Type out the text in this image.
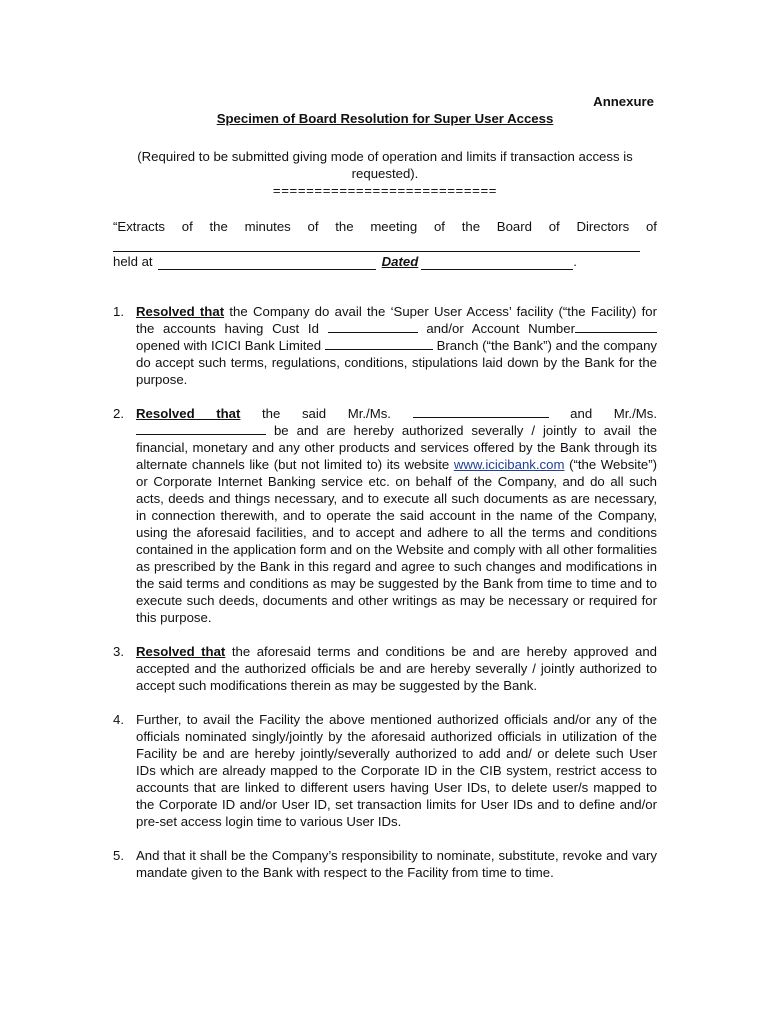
Annexure
Specimen of Board Resolution for Super User Access
(Required to be submitted giving mode of operation and limits if transaction access is requested).
===========================
“Extracts of the minutes of the meeting of the Board of Directors of
held at	Dated	.
1. Resolved that the Company do avail the ‘Super User Access’ facility (“the Facility) for the accounts having Cust Id	and/or Account Number opened with ICICI Bank Limited	Branch (“the Bank”) and the company do accept such terms, regulations, conditions, stipulations laid down by the Bank for the purpose.
2. Resolved that the said Mr./Ms.	and Mr./Ms.  be and are hereby authorized severally / jointly to avail the financial, monetary and any other products and services offered by the Bank through its alternate channels like (but not limited to) its website www.icicibank.com (“the Website”) or Corporate Internet Banking service etc. on behalf of the Company, and do all such acts, deeds and things necessary, and to execute all such documents as are necessary, in connection therewith, and to operate the said account in the name of the Company, using the aforesaid facilities, and to accept and adhere to all the terms and conditions contained in the application form and on the Website and comply with all other formalities as prescribed by the Bank in this regard and agree to such changes and modifications in the said terms and conditions as may be suggested by the Bank from time to time and to execute such deeds, documents and other writings as may be necessary or required for this purpose.
3. Resolved that the aforesaid terms and conditions be and are hereby approved and accepted and the authorized officials be and are hereby severally / jointly authorized to accept such modifications therein as may be suggested by the Bank.
4. Further, to avail the Facility the above mentioned authorized officials and/or any of the officials nominated singly/jointly by the aforesaid authorized officials in utilization of the Facility be and are hereby jointly/severally authorized to add and/ or delete such User IDs which are already mapped to the Corporate ID in the CIB system, restrict access to accounts that are linked to different users having User IDs, to delete user/s mapped to the Corporate ID and/or User ID, set transaction limits for User IDs and to define and/or pre-set access login time to various User IDs.
5. And that it shall be the Company’s responsibility to nominate, substitute, revoke and vary mandate given to the Bank with respect to the Facility from time to time.
